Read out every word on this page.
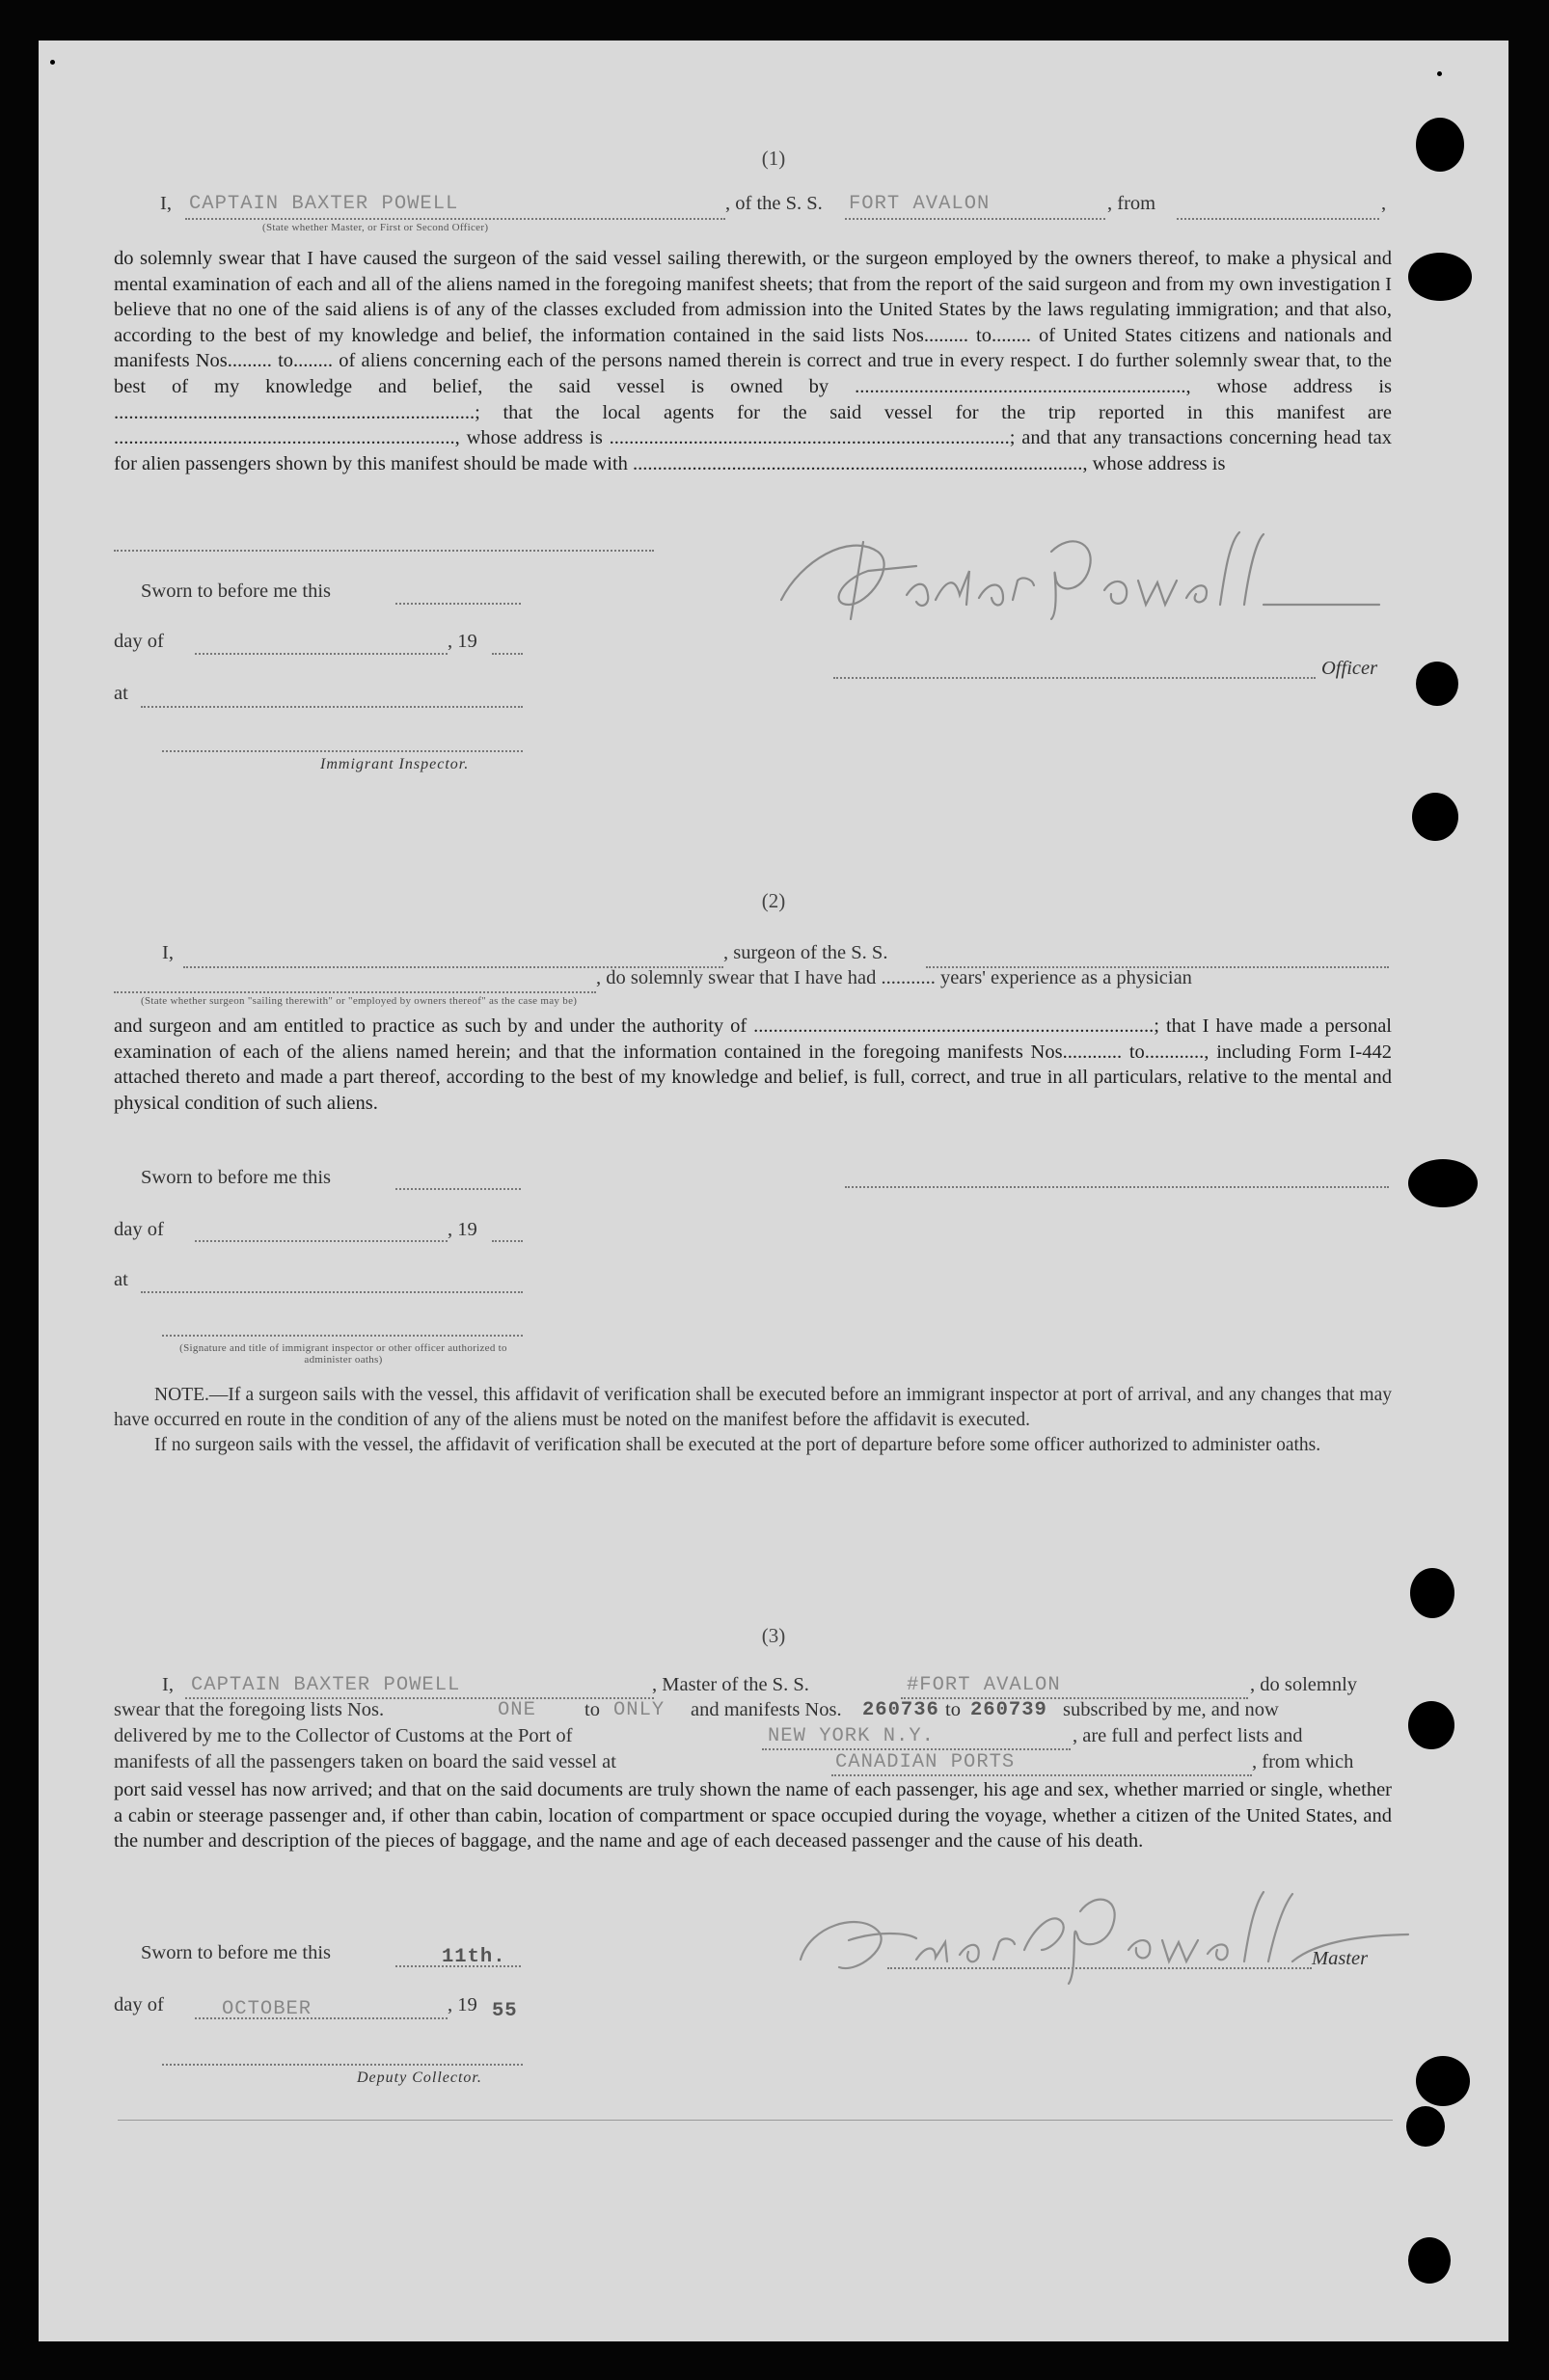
(1)
I, CAPTAIN BAXTER POWELL	, of the S. S. FORT AVALON	, from	,
(State whether Master, or First or Second Officer)

do solemnly swear that I have caused the surgeon of the said vessel sailing therewith, or the surgeon employed by the owners thereof, to make a physical and mental examination of each and all of the aliens named in the foregoing manifest sheets; that from the report of the said surgeon and from my own investigation I believe that no one of the said aliens is of any of the classes excluded from admission into the United States by the laws regulating immigration; and that also, according to the best of my knowledge and belief, the information contained in the said lists Nos......... to........ of United States citizens and nationals and manifests Nos......... to........ of aliens concerning each of the persons named therein is correct and true in every respect. I do further solemnly swear that, to the best of my knowledge and belief, the said vessel is owned by ..................................................................., whose address is .........................................................................; that the local agents for the said vessel for the trip reported in this manifest are ....................................................................., whose address is .................................................................................; and that any transactions concerning head tax for alien passengers shown by this manifest should be made with ..........................................................................................., whose address is

Sworn to before me this
day of	, 19
at
Immigrant Inspector.
Officer
(2)
I,	, surgeon of the S. S.
, do solemnly swear that I have had ........... years' experience as a physician
(State whether surgeon "sailing therewith" or "employed by owners thereof" as the case may be)

and surgeon and am entitled to practice as such by and under the authority of .................................................................................; that I have made a personal examination of each of the aliens named herein; and that the information contained in the foregoing manifests Nos............ to............, including Form I-442 attached thereto and made a part thereof, according to the best of my knowledge and belief, is full, correct, and true in all particulars, relative to the mental and physical condition of such aliens.

Sworn to before me this
day of	, 19
at
(Signature and title of immigrant inspector or other officer authorized to administer oaths)

NOTE.—If a surgeon sails with the vessel, this affidavit of verification shall be executed before an immigrant inspector at port of arrival, and any changes that may have occurred en route in the condition of any of the aliens must be noted on the manifest before the affidavit is executed.

If no surgeon sails with the vessel, the affidavit of verification shall be executed at the port of departure before some officer authorized to administer oaths.

(3)
I, CAPTAIN BAXTER POWELL	, Master of the S. S.	#FORT AVALON	, do solemnly
swear that the foregoing lists Nos.	ONE to ONLY and manifests Nos. 260736 to 260739 subscribed by me, and now
delivered by me to the Collector of Customs at the Port of	NEW YORK N.Y.	, are full and perfect lists and
manifests of all the passengers taken on board the said vessel at	CANADIAN PORTS	, from which

port said vessel has now arrived; and that on the said documents are truly shown the name of each passenger, his age and sex, whether married or single, whether a cabin or steerage passenger and, if other than cabin, location of compartment or space occupied during the voyage, whether a citizen of the United States, and the number and description of the pieces of baggage, and the name and age of each deceased passenger and the cause of his death.

Sworn to before me this	11th.
day of	OCTOBER	, 19 55
Deputy Collector.
Master
